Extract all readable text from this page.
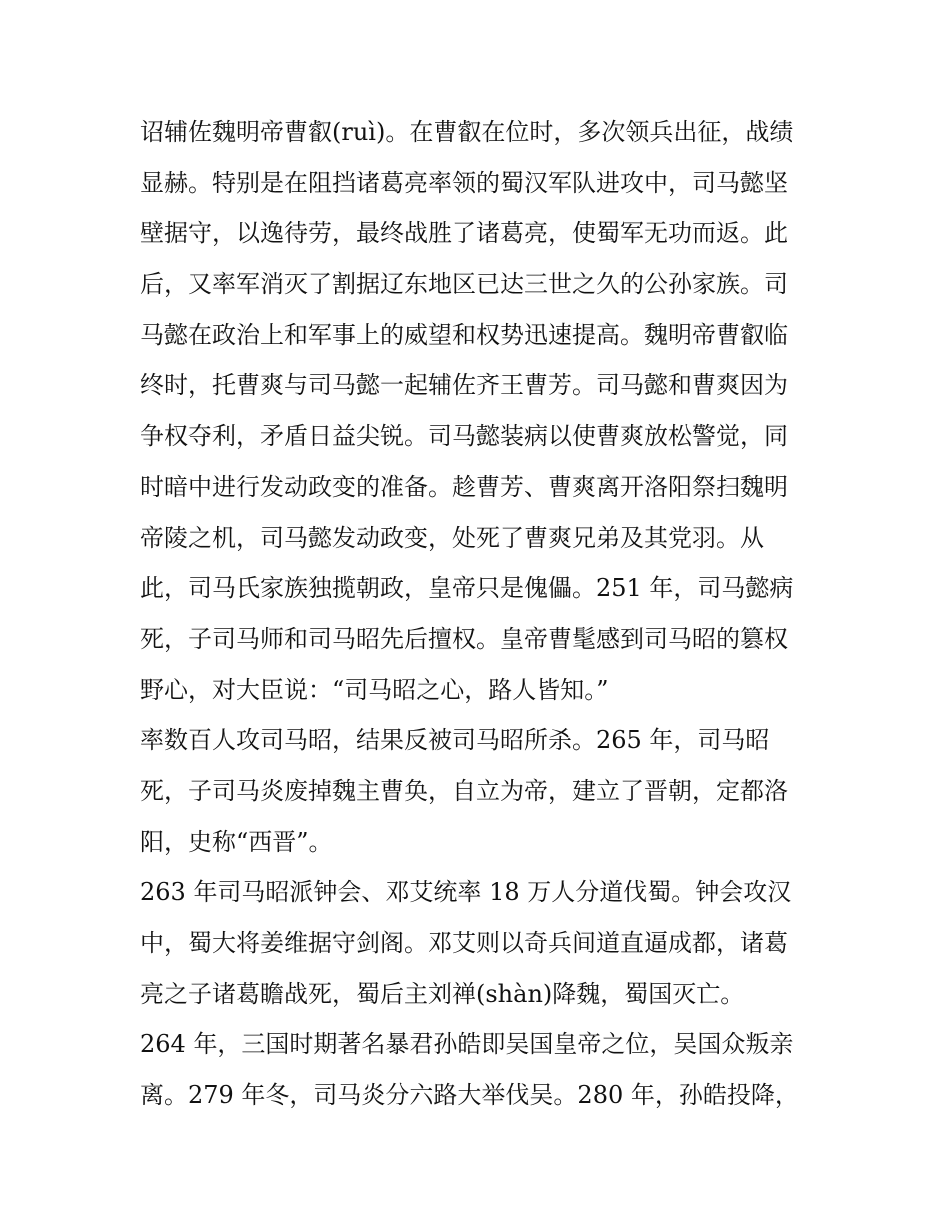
诏辅佐魏明帝曹叡(ruì)。在曹叡在位时，多次领兵出征，战绩
显赫。特别是在阻挡诸葛亮率领的蜀汉军队进攻中，司马懿坚
壁据守，以逸待劳，最终战胜了诸葛亮，使蜀军无功而返。此
后，又率军消灭了割据辽东地区已达三世之久的公孙家族。司
马懿在政治上和军事上的威望和权势迅速提高。魏明帝曹叡临
终时，托曹爽与司马懿一起辅佐齐王曹芳。司马懿和曹爽因为
争权夺利，矛盾日益尖锐。司马懿装病以使曹爽放松警觉，同
时暗中进行发动政变的准备。趁曹芳、曹爽离开洛阳祭扫魏明
帝陵之机，司马懿发动政变，处死了曹爽兄弟及其党羽。从
此，司马氏家族独揽朝政，皇帝只是傀儡。251 年，司马懿病
死，子司马师和司马昭先后擅权。皇帝曹髦感到司马昭的篡权
野心，对大臣说：“司马昭之心，路人皆知。”
率数百人攻司马昭，结果反被司马昭所杀。265 年，司马昭
死，子司马炎废掉魏主曹奂，自立为帝，建立了晋朝，定都洛
阳，史称“西晋”。
263 年司马昭派钟会、邓艾统率 18 万人分道伐蜀。钟会攻汉
中，蜀大将姜维据守剑阁。邓艾则以奇兵间道直逼成都，诸葛
亮之子诸葛瞻战死，蜀后主刘禅(shàn)降魏，蜀国灭亡。
264 年，三国时期著名暴君孙皓即吴国皇帝之位，吴国众叛亲
离。279 年冬，司马炎分六路大举伐吴。280 年，孙皓投降，
